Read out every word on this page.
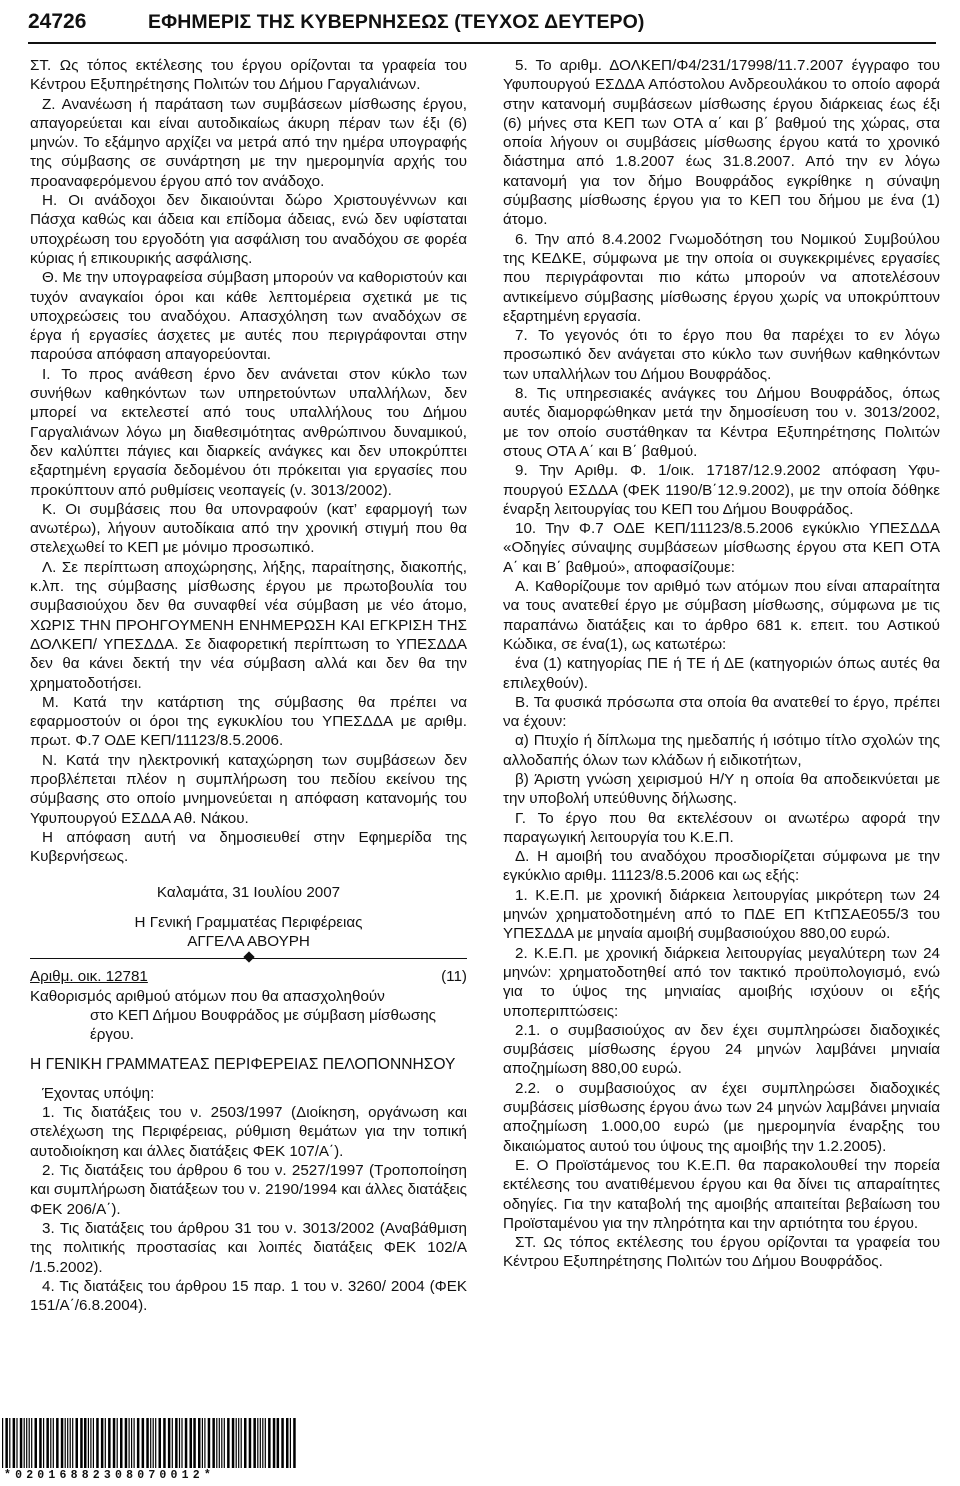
24726	ΕΦΗΜΕΡΙΣ ΤΗΣ ΚΥΒΕΡΝΗΣΕΩΣ (ΤΕΥΧΟΣ ΔΕΥΤΕΡΟ)

ΣΤ. Ως τόπος εκτέλεσης του έργου ορίζονται τα γραφεία του Κέντρου Εξυπηρέτησης Πολιτών του Δήμου Γαργαλιάνων.

Ζ. Ανανέωση ή παράταση των συμβάσεων μίσθωσης έργου, απαγορεύεται και είναι αυτοδικαίως άκυρη πέραν των έξι (6) μηνών. Το εξάμηνο αρχίζει να μετρά από την ημέρα υπογραφής της σύμβασης σε συνάρτηση με την ημερομηνία αρχής του προαναφερόμενου έργου από τον ανάδοχο.

Η. Οι ανάδοχοι δεν δικαιούνται δώρο Χριστουγέννων και Πάσχα καθώς και άδεια και επίδομα άδειας, ενώ δεν υφίσταται υποχρέωση του εργοδότη για ασφάλιση του αναδόχου σε φορέα κύριας ή επικουρικής ασφάλισης.

Θ. Με την υπογραφείσα σύμβαση μπορούν να καθοριστούν και τυχόν αναγκαίοι όροι και κάθε λεπτομέρεια σχετικά με τις υποχρεώσεις του αναδόχου. Απασχόληση των αναδόχων σε έργα ή εργασίες άσχετες με αυτές που περιγράφονται στην παρούσα απόφαση απαγορεύονται.

Ι. Το προς ανάθεση έρνο δεν ανάνεται στον κύκλο των συνήθων καθηκόντων των υπηρετούντων υπαλλήλων, δεν μπορεί να εκτελεστεί από τους υπαλλήλους του Δήμου Γαργαλιάνων λόγω μη διαθεσιμότητας ανθρώπινου δυναμικού, δεν καλύπτει πάγιες και διαρκείς ανάγκες και δεν υποκρύπτει εξαρτημένη εργασία δεδομένου ότι πρόκειται για εργασίες που προκύπτουν από ρυθμίσεις νεοπαγείς (ν. 3013/2002).

Κ. Οι συμβάσεις που θα υπονραφούν (κατ’ εφαρμογή των ανωτέρω), λήγουν αυτοδίκαια από την χρονική στιγμή που θα στελεχωθεί το ΚΕΠ με μόνιμο προσωπικό.

Λ. Σε περίπτωση αποχώρησης, λήξης, παραίτησης, διακοπής, κ.λπ. της σύμβασης μίσθωσης έργου με πρωτοβουλία του συμβασιούχου δεν θα συναφθεί νέα σύμβαση με νέο άτομο, ΧΩΡΙΣ ΤΗΝ ΠΡΟΗΓΟΥΜΕΝΗ ΕΝΗΜΕΡΩΣΗ ΚΑΙ ΕΓΚΡΙΣΗ ΤΗΣ ΔΟΛΚΕΠ/ ΥΠΕΣΔΔΑ. Σε διαφορετική περίπτωση το ΥΠΕΣΔΔΑ δεν θα κάνει δεκτή την νέα σύμβαση αλλά και δεν θα την χρηματοδοτήσει.

Μ. Κατά την κατάρτιση της σύμβασης θα πρέπει να εφαρμοστούν οι όροι της εγκυκλίου του ΥΠΕΣΔΔΑ με αριθμ. πρωτ. Φ.7 ΟΔΕ ΚΕΠ/11123/8.5.2006.

Ν. Κατά την ηλεκτρονική καταχώρηση των συμβάσεων δεν προβλέπεται πλέον η συμπλήρωση του πεδίου εκείνου της σύμβασης στο οποίο μνημονεύεται η απόφαση κατανομής του Υφυπουργού ΕΣΔΔΑ Αθ. Νάκου.

Η απόφαση αυτή να δημοσιευθεί στην Εφημερίδα της Κυβερνήσεως.

Καλαμάτα, 31 Ιουλίου 2007

Η Γενική Γραμματέας Περιφέρειας

ΑΓΓΕΛΑ ΑΒΟΥΡΗ

Αριθμ. οικ. 12781	(11)
Καθορισμός αριθμού ατόμων που θα απασχοληθούν
στο ΚΕΠ Δήμου Βουφράδος με σύμβαση μίσθωσης
έργου.

Η ΓΕΝΙΚΗ ΓΡΑΜΜΑΤΕΑΣ ΠΕΡΙΦΕΡΕΙΑΣ ΠΕΛΟΠΟΝΝΗΣΟΥ

Έχοντας υπόψη:

1. Τις διατάξεις του ν. 2503/1997 (Διοίκηση, οργάνωση και στελέχωση της Περιφέρειας, ρύθμιση θεμάτων για την τοπική αυτοδιοίκηση και άλλες διατάξεις ΦΕΚ 107/Α΄).

2. Τις διατάξεις του άρθρου 6 του ν. 2527/1997 (Τροποποίηση και συμπλήρωση διατάξεων του ν. 2190/1994 και άλλες διατάξεις ΦΕΚ 206/Α΄).

3. Τις διατάξεις του άρθρου 31 του ν. 3013/2002 (Αναβάθμιση της πολιτικής προστασίας και λοιπές διατάξεις ΦΕΚ 102/Α /1.5.2002).

4. Τις διατάξεις του άρθρου 15 παρ. 1 του ν. 3260/ 2004 (ΦΕΚ 151/Α΄/6.8.2004).

5. Το αριθμ. ΔΟΛΚΕΠ/Φ4/231/17998/11.7.2007 έγγραφο του Υφυπουργού ΕΣΔΔΑ Απόστολου Ανδρεουλάκου το οποίο αφορά στην κατανομή συμβάσεων μίσθωσης έργου διάρκειας έως έξι (6) μήνες στα ΚΕΠ των ΟΤΑ α΄ και β΄ βαθμού της χώρας, στα οποία λήγουν οι συμβάσεις μίσθωσης έργου κατά το χρονικό διάστημα από 1.8.2007 έως 31.8.2007. Από την εν λόγω κατανομή για τον δήμο Βουφράδος εγκρίθηκε η σύναψη σύμβασης μίσθωσης έργου για το ΚΕΠ του δήμου με ένα (1) άτομο.

6. Την από 8.4.2002 Γνωμοδότηση του Νομικού Συμβούλου της ΚΕΔΚΕ, σύμφωνα με την οποία οι συγκεκριμένες εργασίες που περιγράφονται πιο κάτω μπορούν να αποτελέσουν αντικείμενο σύμβασης μίσθωσης έργου χωρίς να υποκρύπτουν εξαρτημένη εργασία.

7. Το γεγονός ότι το έργο που θα παρέχει το εν λόγω προσωπικό δεν ανάγεται στο κύκλο των συνήθων καθηκόντων των υπαλλήλων του Δήμου Βουφράδος.

8. Τις υπηρεσιακές ανάγκες του Δήμου Βουφράδος, όπως αυτές διαμορφώθηκαν μετά την δημοσίευση του ν. 3013/2002, με τον οποίο συστάθηκαν τα Κέντρα Εξυπηρέτησης Πολιτών στους ΟΤΑ Α΄ και Β΄ βαθμού.

9. Την Αριθμ. Φ. 1/οικ. 17187/12.9.2002 απόφαση Υφυπουργού ΕΣΔΔΑ (ΦΕΚ 1190/Β΄12.9.2002), με την οποία δόθηκε έναρξη λειτουργίας του ΚΕΠ του Δήμου Βουφράδος.

10. Την Φ.7 ΟΔΕ ΚΕΠ/11123/8.5.2006 εγκύκλιο ΥΠΕΣΔΔΑ «Οδηγίες σύναψης συμβάσεων μίσθωσης έργου στα ΚΕΠ ΟΤΑ Α΄ και Β΄ βαθμού», αποφασίζουμε:

Α. Καθορίζουμε τον αριθμό των ατόμων που είναι απαραίτητα να τους ανατεθεί έργο με σύμβαση μίσθωσης, σύμφωνα με τις παραπάνω διατάξεις και το άρθρο 681 κ. επειτ. του Αστικού Κώδικα, σε ένα(1), ως κατωτέρω:

ένα (1) κατηγορίας ΠΕ ή ΤΕ ή ΔΕ (κατηγοριών όπως αυτές θα επιλεχθούν).

Β. Τα φυσικά πρόσωπα στα οποία θα ανατεθεί το έργο, πρέπει να έχουν:

α) Πτυχίο ή δίπλωμα της ημεδαπής ή ισότιμο τίτλο σχολών της αλλοδαπής όλων των κλάδων ή ειδικοτήτων,

β) Άριστη γνώση χειρισμού Η/Υ η οποία θα αποδεικνύεται με την υποβολή υπεύθυνης δήλωσης.

Γ. Το έργο που θα εκτελέσουν οι ανωτέρω αφορά την παραγωγική λειτουργία του Κ.Ε.Π.

Δ. Η αμοιβή του αναδόχου προσδιορίζεται σύμφωνα με την εγκύκλιο αριθμ. 11123/8.5.2006 και ως εξής:

1. Κ.Ε.Π. με χρονική διάρκεια λειτουργίας μικρότερη των 24 μηνών χρηματοδοτημένη από το ΠΔΕ ΕΠ ΚτΠΣΑΕ055/3 του ΥΠΕΣΔΔΑ με μηναία αμοιβή συμβασιούχου 880,00 ευρώ.

2. Κ.Ε.Π. με χρονική διάρκεια λειτουργίας μεγαλύτερη των 24 μηνών: χρηματοδοτηθεί από τον τακτικό προϋπολογισμό, ενώ για το ύψος της μηνιαίας αμοιβής ισχύουν οι εξής υποπεριπτώσεις:

2.1. ο συμβασιούχος αν δεν έχει συμπληρώσει διαδοχικές συμβάσεις μίσθωσης έργου 24 μηνών λαμβάνει μηνιαία αποζημίωση 880,00 ευρώ.

2.2. ο συμβασιούχος αν έχει συμπληρώσει διαδοχικές συμβάσεις μίσθωσης έργου άνω των 24 μηνών λαμβάνει μηνιαία αποζημίωση 1.000,00 ευρώ (με ημερομηνία έναρξης του δικαιώματος αυτού του ύψους της αμοιβής την 1.2.2005).

Ε. Ο Προϊστάμενος του Κ.Ε.Π. θα παρακολουθεί την πορεία εκτέλεσης του ανατιθέμενου έργου και θα δίνει τις απαραίτητες οδηγίες. Για την καταβολή της αμοιβής απαιτείται βεβαίωση του Προϊσταμένου για την πληρότητα και την αρτιότητα του έργου.

ΣΤ. Ως τόπος εκτέλεσης του έργου ορίζονται τα γραφεία του Κέντρου Εξυπηρέτησης Πολιτών του Δήμου Βουφράδος.

*02016882308070012*
